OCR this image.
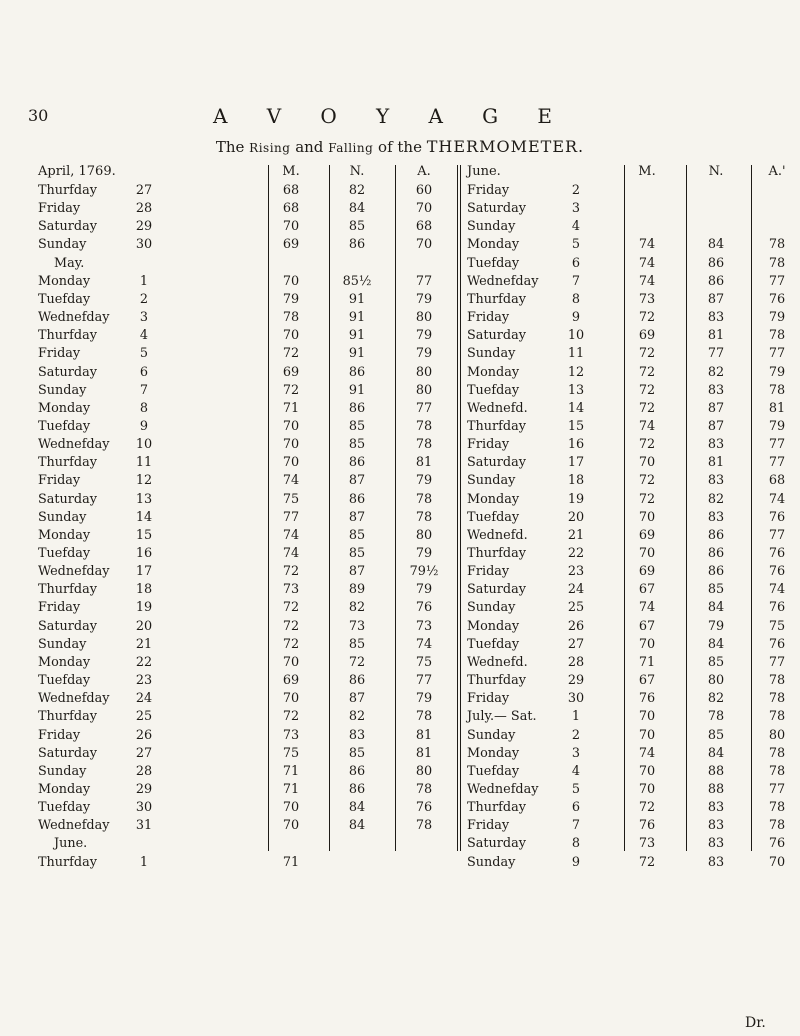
30	A V O Y A G E
The Rising and Falling of the THERMOMETER.
April, 1769.	M.	N.	A.	June.	M.	N.	A.'
Thurfday	27	68	82	60
Friday	28	68	84	70
Saturday	29	70	85	68
Sunday	30	69	86	70
May.
Monday	1	70	85½	77
Tuefday	2	79	91	79
Wednefday	3	78	91	80
Thurfday	4	70	91	79
Friday	5	72	91	79
Saturday	6	69	86	80
Sunday	7	72	91	80
Monday	8	71	86	77
Tuefday	9	70	85	78
Wednefday	10	70	85	78
Thurfday	11	70	86	81
Friday	12	74	87	79
Saturday	13	75	86	78
Sunday	14	77	87	78
Monday	15	74	85	80
Tuefday	16	74	85	79
Wednefday	17	72	87	79½
Thurfday	18	73	89	79
Friday	19	72	82	76
Saturday	20	72	73	73
Sunday	21	72	85	74
Monday	22	70	72	75
Tuefday	23	69	86	77
Wednefday	24	70	87	79
Thurfday	25	72	82	78
Friday	26	73	83	81
Saturday	27	75	85	81
Sunday	28	71	86	80
Monday	29	71	86	78
Tuefday	30	70	84	76
Wednefday	31	70	84	78
June.
Thurfday	1	71
Friday	2
Saturday	3
Sunday	4
Monday	5	74	84	78
Tuefday	6	74	86	78
Wednefday	7	74	86	77
Thurfday	8	73	87	76
Friday	9	72	83	79
Saturday	10	69	81	78
Sunday	11	72	77	77
Monday	12	72	82	79
Tuefday	13	72	83	78
Wednefd.	14	72	87	81
Thurfday	15	74	87	79
Friday	16	72	83	77
Saturday	17	70	81	77
Sunday	18	72	83	68
Monday	19	72	82	74
Tuefday	20	70	83	76
Wednefd.	21	69	86	77
Thurfday	22	70	86	76
Friday	23	69	86	76
Saturday	24	67	85	74
Sunday	25	74	84	76
Monday	26	67	79	75
Tuefday	27	70	84	76
Wednefd.	28	71	85	77
Thurfday	29	67	80	78
Friday	30	76	82	78
July.— Sat.	1	70	78	78
Sunday	2	70	85	80
Monday	3	74	84	78
Tuefday	4	70	88	78
Wednefday	5	70	88	77
Thurfday	6	72	83	78
Friday	7	76	83	78
Saturday	8	73	83	76
Sunday	9	72	83	70
Dr.
